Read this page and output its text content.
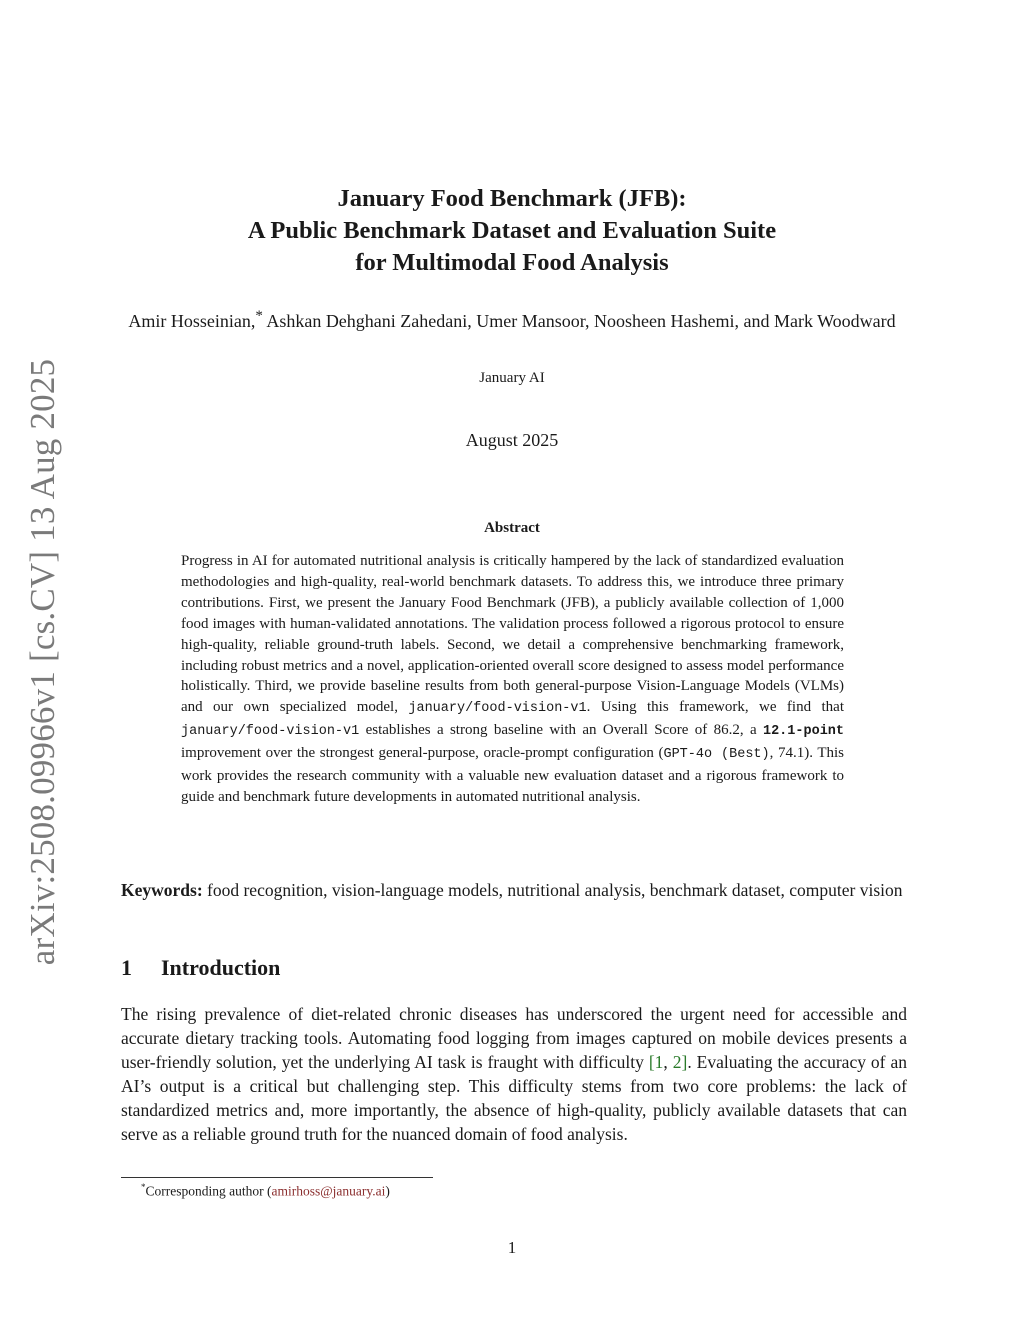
arXiv:2508.09966v1 [cs.CV] 13 Aug 2025
January Food Benchmark (JFB):
A Public Benchmark Dataset and Evaluation Suite
for Multimodal Food Analysis
Amir Hosseinian,* Ashkan Dehghani Zahedani, Umer Mansoor, Noosheen Hashemi, and Mark Woodward
January AI
August 2025
Abstract
Progress in AI for automated nutritional analysis is critically hampered by the lack of standardized evaluation methodologies and high-quality, real-world benchmark datasets. To address this, we introduce three primary contributions. First, we present the January Food Benchmark (JFB), a publicly available collection of 1,000 food images with human-validated annotations. The validation process followed a rigorous protocol to ensure high-quality, reliable ground-truth labels. Second, we detail a comprehensive benchmarking framework, including robust metrics and a novel, application-oriented overall score designed to assess model performance holistically. Third, we provide baseline results from both general-purpose Vision-Language Models (VLMs) and our own specialized model, january/food-vision-v1. Using this framework, we find that january/food-vision-v1 establishes a strong baseline with an Overall Score of 86.2, a 12.1-point improvement over the strongest general-purpose, oracle-prompt configuration (GPT-4o (Best), 74.1). This work provides the research community with a valuable new evaluation dataset and a rigorous framework to guide and benchmark future developments in automated nutritional analysis.
Keywords: food recognition, vision-language models, nutritional analysis, benchmark dataset, computer vision
1 Introduction
The rising prevalence of diet-related chronic diseases has underscored the urgent need for accessible and accurate dietary tracking tools. Automating food logging from images captured on mobile devices presents a user-friendly solution, yet the underlying AI task is fraught with difficulty [1, 2]. Evaluating the accuracy of an AI’s output is a critical but challenging step. This difficulty stems from two core problems: the lack of standardized metrics and, more importantly, the absence of high-quality, publicly available datasets that can serve as a reliable ground truth for the nuanced domain of food analysis.
*Corresponding author (amirhoss@january.ai)
1
